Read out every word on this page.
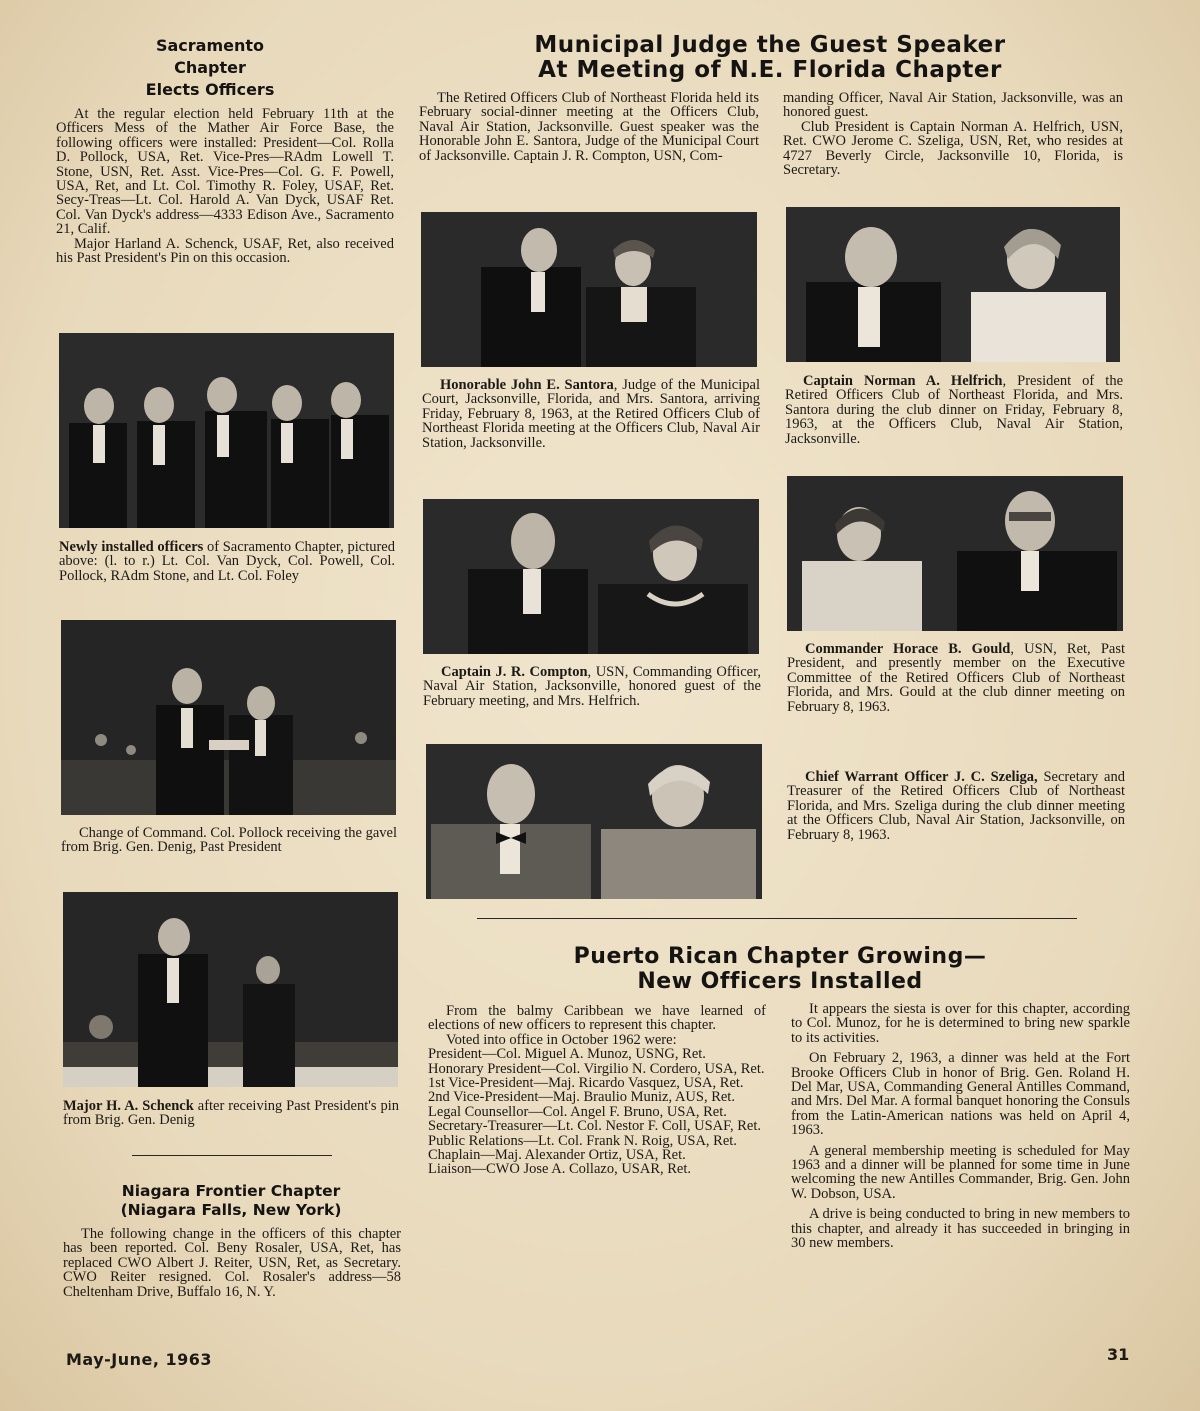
Sacramento
Chapter
Elects Officers

At the regular election held February 11th at the Officers Mess of the Mather Air Force Base, the following officers were installed: President—Col. Rolla D. Pollock, USA, Ret. Vice-Pres—RAdm Lowell T. Stone, USN, Ret. Asst. Vice-Pres—Col. G. F. Powell, USA, Ret, and Lt. Col. Timothy R. Foley, USAF, Ret. Secy-Treas—Lt. Col. Harold A. Van Dyck, USAF Ret. Col. Van Dyck's address—4333 Edison Ave., Sacramento 21, Calif.

Major Harland A. Schenck, USAF, Ret, also received his Past President's Pin on this occasion.

Newly installed officers of Sacramento Chapter, pictured above: (l. to r.) Lt. Col. Van Dyck, Col. Powell, Col. Pollock, RAdm Stone, and Lt. Col. Foley

Change of Command. Col. Pollock receiving the gavel from Brig. Gen. Denig, Past President

Major H. A. Schenck after receiving Past President's pin from Brig. Gen. Denig

Niagara Frontier Chapter
(Niagara Falls, New York)

The following change in the officers of this chapter has been reported. Col. Beny Rosaler, USA, Ret, has replaced CWO Albert J. Reiter, USN, Ret, as Secretary. CWO Reiter resigned. Col. Rosaler's address—58 Cheltenham Drive, Buffalo 16, N. Y.

Municipal Judge the Guest Speaker
At Meeting of N.E. Florida Chapter

The Retired Officers Club of Northeast Florida held its February social-dinner meeting at the Officers Club, Naval Air Station, Jacksonville. Guest speaker was the Honorable John E. Santora, Judge of the Municipal Court of Jacksonville. Captain J. R. Compton, USN, Com-

manding Officer, Naval Air Station, Jacksonville, was an honored guest.

Club President is Captain Norman A. Helfrich, USN, Ret. CWO Jerome C. Szeliga, USN, Ret, who resides at 4727 Beverly Circle, Jacksonville 10, Florida, is Secretary.

Honorable John E. Santora, Judge of the Municipal Court, Jacksonville, Florida, and Mrs. Santora, arriving Friday, February 8, 1963, at the Retired Officers Club of Northeast Florida meeting at the Officers Club, Naval Air Station, Jacksonville.

Captain Norman A. Helfrich, President of the Retired Officers Club of Northeast Florida, and Mrs. Santora during the club dinner on Friday, February 8, 1963, at the Officers Club, Naval Air Station, Jacksonville.

Captain J. R. Compton, USN, Commanding Officer, Naval Air Station, Jacksonville, honored guest of the February meeting, and Mrs. Helfrich.

Commander Horace B. Gould, USN, Ret, Past President, and presently member on the Executive Committee of the Retired Officers Club of Northeast Florida, and Mrs. Gould at the club dinner meeting on February 8, 1963.

Chief Warrant Officer J. C. Szeliga, Secretary and Treasurer of the Retired Officers Club of Northeast Florida, and Mrs. Szeliga during the club dinner meeting at the Officers Club, Naval Air Station, Jacksonville, on February 8, 1963.

Puerto Rican Chapter Growing—
New Officers Installed

From the balmy Caribbean we have learned of elections of new officers to represent this chapter.

Voted into office in October 1962 were:

President—Col. Miguel A. Munoz, USNG, Ret.

Honorary President—Col. Virgilio N. Cordero, USA, Ret.

1st Vice-President—Maj. Ricardo Vasquez, USA, Ret.

2nd Vice-President—Maj. Braulio Muniz, AUS, Ret.

Legal Counsellor—Col. Angel F. Bruno, USA, Ret.

Secretary-Treasurer—Lt. Col. Nestor F. Coll, USAF, Ret.

Public Relations—Lt. Col. Frank N. Roig, USA, Ret.

Chaplain—Maj. Alexander Ortiz, USA, Ret.

Liaison—CWO Jose A. Collazo, USAR, Ret.

It appears the siesta is over for this chapter, according to Col. Munoz, for he is determined to bring new sparkle to its activities.

On February 2, 1963, a dinner was held at the Fort Brooke Officers Club in honor of Brig. Gen. Roland H. Del Mar, USA, Commanding General Antilles Command, and Mrs. Del Mar. A formal banquet honoring the Consuls from the Latin-American nations was held on April 4, 1963.

A general membership meeting is scheduled for May 1963 and a dinner will be planned for some time in June welcoming the new Antilles Commander, Brig. Gen. John W. Dobson, USA.

A drive is being conducted to bring in new members to this chapter, and already it has succeeded in bringing in 30 new members.

May-June, 1963	31
